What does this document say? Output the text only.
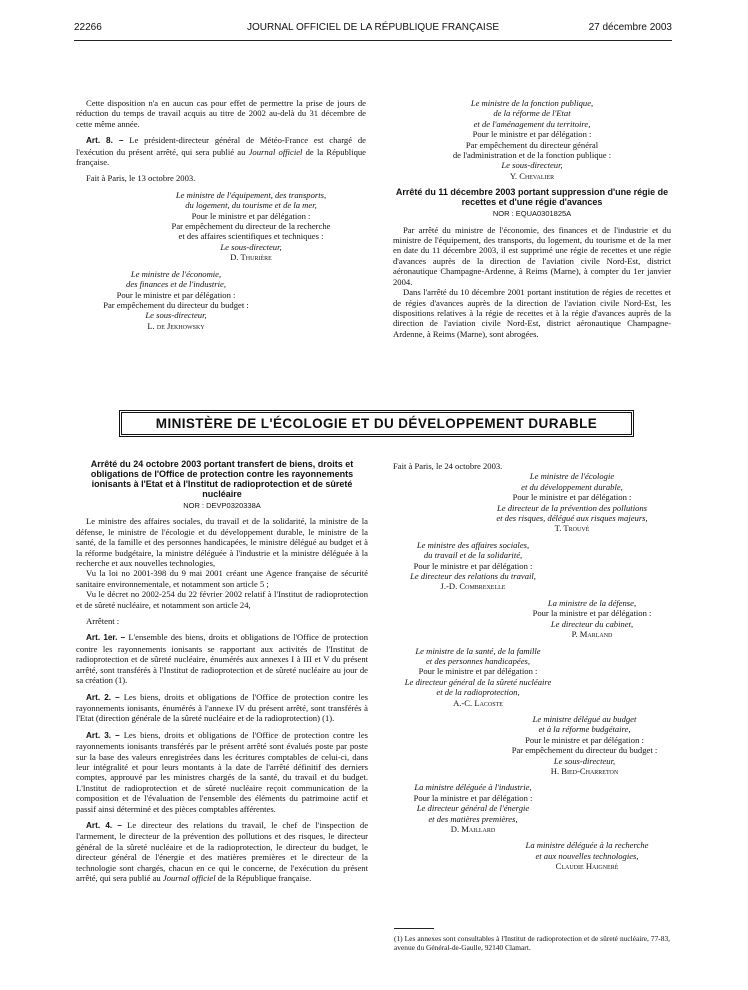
22266	JOURNAL OFFICIEL DE LA RÉPUBLIQUE FRANÇAISE	27 décembre 2003

Cette disposition n'a en aucun cas pour effet de permettre la prise de jours de réduction du temps de travail acquis au titre de 2002 au-delà du 31 décembre de cette même année.

Art. 8. – Le président-directeur général de Météo-France est chargé de l'exécution du présent arrêté, qui sera publié au Journal officiel de la République française.

Fait à Paris, le 13 octobre 2003.

Le ministre de l'équipement, des transports,
du logement, du tourisme et de la mer,
Pour le ministre et par délégation :
Par empêchement du directeur de la recherche
et des affaires scientifiques et techniques :
Le sous-directeur,
D. Thurière
Le ministre de l'économie,
des finances et de l'industrie,
Pour le ministre et par délégation :
Par empêchement du directeur du budget :
Le sous-directeur,
L. de Jekhowsky
Le ministre de la fonction publique,
de la réforme de l'Etat
et de l'aménagement du territoire,
Pour le ministre et par délégation :
Par empêchement du directeur général
de l'administration et de la fonction publique :
Le sous-directeur,
Y. Chevalier
Arrêté du 11 décembre 2003 portant suppression d'une régie de recettes et d'une régie d'avances
NOR : EQUA0301825A

Par arrêté du ministre de l'économie, des finances et de l'industrie et du ministre de l'équipement, des transports, du logement, du tourisme et de la mer en date du 11 décembre 2003, il est supprimé une régie de recettes et une régie d'avances auprès de la direction de l'aviation civile Nord-Est, district aéronautique Champagne-Ardenne, à Reims (Marne), à compter du 1er janvier 2004.

Dans l'arrêté du 10 décembre 2001 portant institution de régies de recettes et de régies d'avances auprès de la direction de l'aviation civile Nord-Est, les dispositions relatives à la régie de recettes et à la régie d'avances auprès de la direction de l'aviation civile Nord-Est, district aéronautique Champagne-Ardenne, à Reims (Marne), sont abrogées.

MINISTÈRE DE L'ÉCOLOGIE ET DU DÉVELOPPEMENT DURABLE
Arrêté du 24 octobre 2003 portant transfert de biens, droits et obligations de l'Office de protection contre les rayonnements ionisants à l'Etat et à l'Institut de radioprotection et de sûreté nucléaire
NOR : DEVP0320338A

Le ministre des affaires sociales, du travail et de la solidarité, la ministre de la défense, le ministre de l'écologie et du développement durable, le ministre de la santé, de la famille et des personnes handicapées, le ministre délégué au budget et à la réforme budgétaire, la ministre déléguée à l'industrie et la ministre déléguée à la recherche et aux nouvelles technologies,

Vu la loi no 2001-398 du 9 mai 2001 créant une Agence française de sécurité sanitaire environnementale, et notamment son article 5 ;

Vu le décret no 2002-254 du 22 février 2002 relatif à l'Institut de radioprotection et de sûreté nucléaire, et notamment son article 24,

Arrêtent :

Art. 1er. – L'ensemble des biens, droits et obligations de l'Office de protection contre les rayonnements ionisants se rapportant aux activités de l'Institut de radioprotection et de sûreté nucléaire, énumérés aux annexes I à III et V du présent arrêté, sont transférés à l'Institut de radioprotection et de sûreté nucléaire au jour de sa création (1).

Art. 2. – Les biens, droits et obligations de l'Office de protection contre les rayonnements ionisants, énumérés à l'annexe IV du présent arrêté, sont transférés à l'Etat (direction générale de la sûreté nucléaire et de la radioprotection) (1).

Art. 3. – Les biens, droits et obligations de l'Office de protection contre les rayonnements ionisants transférés par le présent arrêté sont évalués poste par poste sur la base des valeurs enregistrées dans les écritures comptables de celui-ci, dans leur intégralité et pour leurs montants à la date de l'arrêté définitif des derniers comptes, approuvé par les ministres chargés de la santé, du travail et du budget. L'Institut de radioprotection et de sûreté nucléaire reçoit communication de la composition et de l'évaluation de l'ensemble des éléments du patrimoine actif et passif ainsi déterminé et des pièces comptables afférentes.

Art. 4. – Le directeur des relations du travail, le chef de l'inspection de l'armement, le directeur de la prévention des pollutions et des risques, le directeur général de la sûreté nucléaire et de la radioprotection, le directeur du budget, le directeur général de l'énergie et des matières premières et le directeur de la technologie sont chargés, chacun en ce qui le concerne, de l'exécution du présent arrêté, qui sera publié au Journal officiel de la République française.

Fait à Paris, le 24 octobre 2003.

Le ministre de l'écologie
et du développement durable,
Pour le ministre et par délégation :
Le directeur de la prévention des pollutions
et des risques, délégué aux risques majeurs,
T. Trouvé
Le ministre des affaires sociales,
du travail et de la solidarité,
Pour le ministre et par délégation :
Le directeur des relations du travail,
J.-D. Combrexelle
La ministre de la défense,
Pour la ministre et par délégation :
Le directeur du cabinet,
P. Marland
Le ministre de la santé, de la famille
et des personnes handicapées,
Pour le ministre et par délégation :
Le directeur général de la sûreté nucléaire
et de la radioprotection,
A.-C. Lacoste
Le ministre délégué au budget
et à la réforme budgétaire,
Pour le ministre et par délégation :
Par empêchement du directeur du budget :
Le sous-directeur,
H. Bied-Charreton
La ministre déléguée à l'industrie,
Pour la ministre et par délégation :
Le directeur général de l'énergie
et des matières premières,
D. Maillard
La ministre déléguée à la recherche
et aux nouvelles technologies,
Claudie Haigneré
(1) Les annexes sont consultables à l'Institut de radioprotection et de sûreté nucléaire, 77-83, avenue du Général-de-Gaulle, 92140 Clamart.
